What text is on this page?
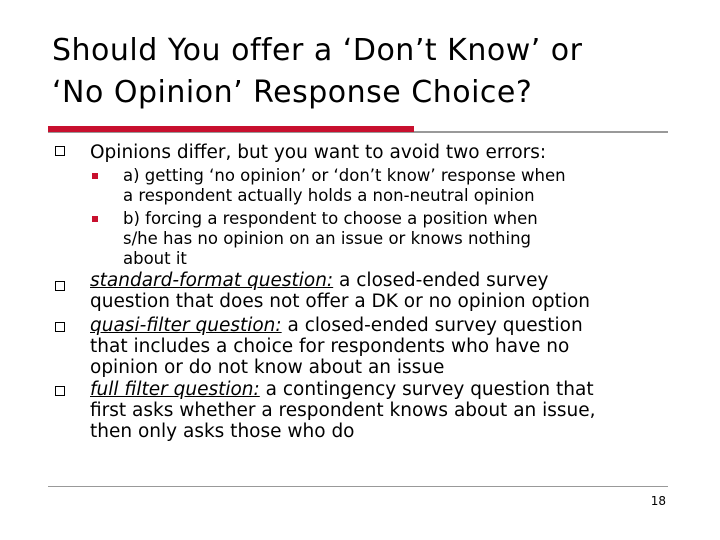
Should You offer a ‘Don’t Know’ or
‘No Opinion’ Response Choice?
Opinions differ, but you want to avoid two errors:
a) getting ‘no opinion’ or ‘don’t know’ response when
a respondent actually holds a non-neutral opinion
b) forcing a respondent to choose a position when
s/he has no opinion on an issue or knows nothing
about it
standard-format question: a closed-ended survey
question that does not offer a DK or no opinion option
quasi-filter question: a closed-ended survey question
that includes a choice for respondents who have no
opinion or do not know about an issue
full filter question: a contingency survey question that
first asks whether a respondent knows about an issue,
then only asks those who do
18
